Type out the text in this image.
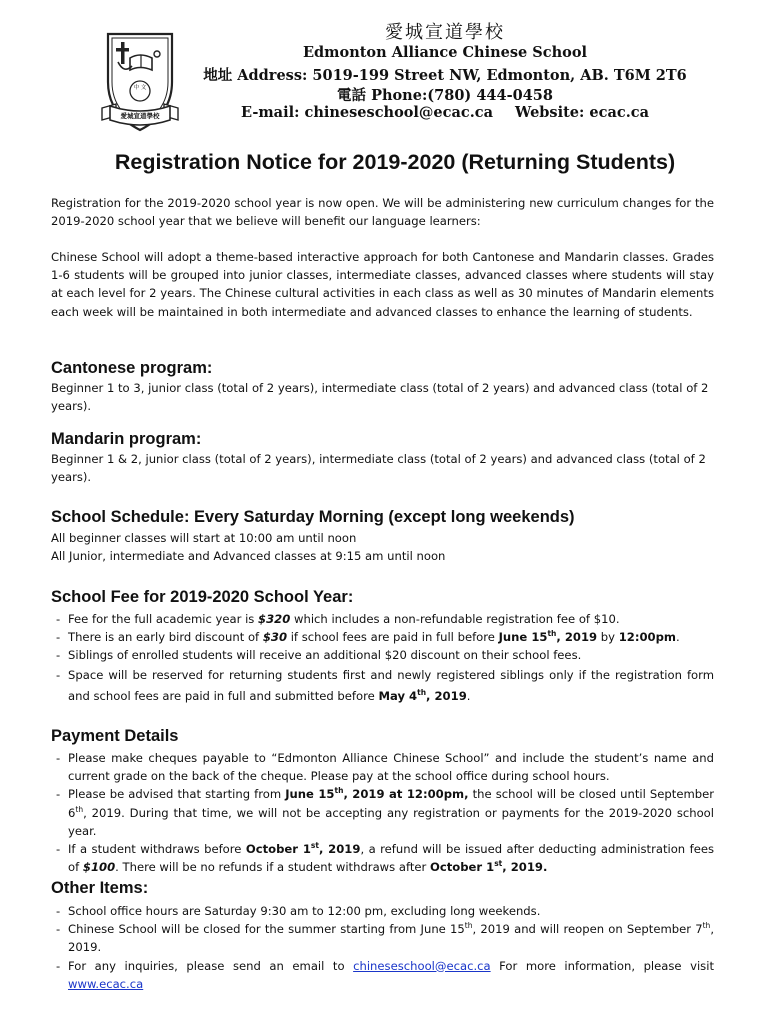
中 文
愛城宣道學校
愛城宣道學校
Edmonton Alliance Chinese School
地址 Address: 5019-199 Street NW, Edmonton, AB. T6M 2T6
電話 Phone:(780) 444-0458
E-mail: chineseschool@ecac.ca Website: ecac.ca
Registration Notice for 2019-2020 (Returning Students)
Registration for the 2019-2020 school year is now open. We will be administering new curriculum changes for the 2019-2020 school year that we believe will benefit our language learners:
Chinese School will adopt a theme-based interactive approach for both Cantonese and Mandarin classes. Grades 1-6 students will be grouped into junior classes, intermediate classes, advanced classes where students will stay at each level for 2 years. The Chinese cultural activities in each class as well as 30 minutes of Mandarin elements each week will be maintained in both intermediate and advanced classes to enhance the learning of students.
Cantonese program:
Beginner 1 to 3, junior class (total of 2 years), intermediate class (total of 2 years) and advanced class (total of 2 years).
Mandarin program:
Beginner 1 & 2, junior class (total of 2 years), intermediate class (total of 2 years) and advanced class (total of 2 years).
School Schedule: Every Saturday Morning (except long weekends)
All beginner classes will start at 10:00 am until noon
All Junior, intermediate and Advanced classes at 9:15 am until noon
School Fee for 2019-2020 School Year:
- Fee for the full academic year is $320 which includes a non-refundable registration fee of $10.
- There is an early bird discount of $30 if school fees are paid in full before June 15th, 2019 by 12:00pm.
- Siblings of enrolled students will receive an additional $20 discount on their school fees.
- Space will be reserved for returning students first and newly registered siblings only if the registration form and school fees are paid in full and submitted before May 4th, 2019.
Payment Details
- Please make cheques payable to “Edmonton Alliance Chinese School” and include the student’s name and current grade on the back of the cheque. Please pay at the school office during school hours.
- Please be advised that starting from June 15th, 2019 at 12:00pm, the school will be closed until September 6th, 2019. During that time, we will not be accepting any registration or payments for the 2019-2020 school year.
- If a student withdraws before October 1st, 2019, a refund will be issued after deducting administration fees of $100. There will be no refunds if a student withdraws after October 1st, 2019.
Other Items:
- School office hours are Saturday 9:30 am to 12:00 pm, excluding long weekends.
- Chinese School will be closed for the summer starting from June 15th, 2019 and will reopen on September 7th, 2019.
- For any inquiries, please send an email to chineseschool@ecac.ca For more information, please visit www.ecac.ca
